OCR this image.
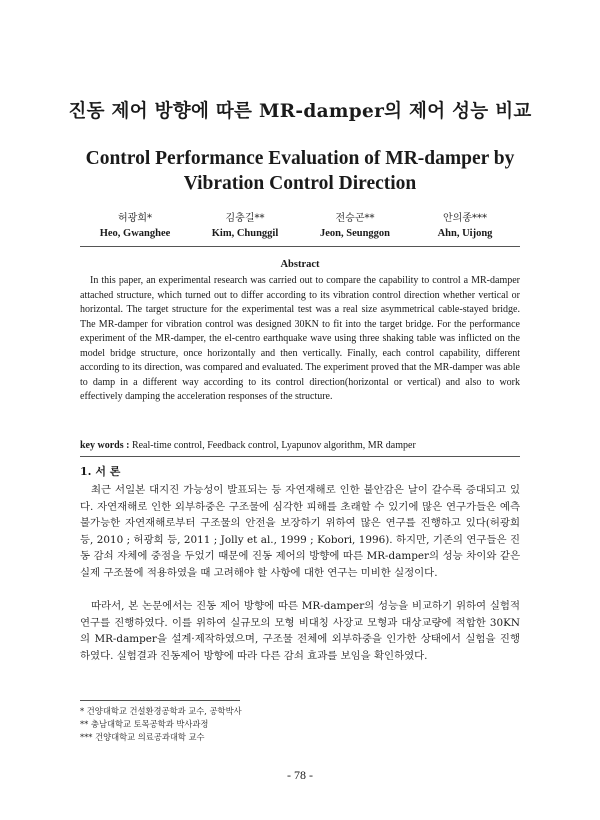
진동 제어 방향에 따른 MR-damper의 제어 성능 비교
Control Performance Evaluation of MR-damper by Vibration Control Direction
허광희*
Heo, Gwanghee
김충길**
Kim, Chunggil
전승곤**
Jeon, Seunggon
안의종***
Ahn, Uijong
Abstract

In this paper, an experimental research was carried out to compare the capability to control a MR-damper attached structure, which turned out to differ according to its vibration control direction whether vertical or horizontal. The target structure for the experimental test was a real size asymmetrical cable-stayed bridge. The MR-damper for vibration control was designed 30KN to fit into the target bridge. For the performance experiment of the MR-damper, the el-centro earthquake wave using three shaking table was inflicted on the model bridge structure, once horizontally and then vertically. Finally, each control capability, different according to its direction, was compared and evaluated. The experiment proved that the MR-damper was able to damp in a different way according to its control direction(horizontal or vertical) and also to work effectively damping the acceleration responses of the structure.

key words : Real-time control, Feedback control, Lyapunov algorithm, MR damper
1. 서 론

최근 서일본 대지진 가능성이 발표되는 등 자연재해로 인한 불안감은 날이 갈수록 증대되고 있다. 자연재해로 인한 외부하중은 구조물에 심각한 피해를 초래할 수 있기에 많은 연구가들은 예측불가능한 자연재해로부터 구조물의 안전을 보장하기 위하여 많은 연구를 진행하고 있다(허광희 등, 2010 ; 허광희 등, 2011 ; Jolly et al., 1999 ; Kobori, 1996). 하지만, 기존의 연구들은 진동 감쇠 자체에 중점을 두었기 때문에 진동 제어의 방향에 따른 MR-damper의 성능 차이와 같은 실제 구조물에 적용하였을 때 고려해야 할 사항에 대한 연구는 미비한 실정이다.

따라서, 본 논문에서는 진동 제어 방향에 따른 MR-damper의 성능을 비교하기 위하여 실험적 연구를 진행하였다. 이를 위하여 실규모의 모형 비대칭 사장교 모형과 대상교량에 적합한 30KN의 MR-damper을 설계·제작하였으며, 구조물 전체에 외부하중을 인가한 상태에서 실험을 진행하였다. 실험결과 진동제어 방향에 따라 다른 감쇠 효과를 보임을 확인하였다.

* 건양대학교 건설환경공학과 교수, 공학박사
** 충남대학교 토목공학과 박사과정
*** 건양대학교 의료공과대학 교수
- 78 -
